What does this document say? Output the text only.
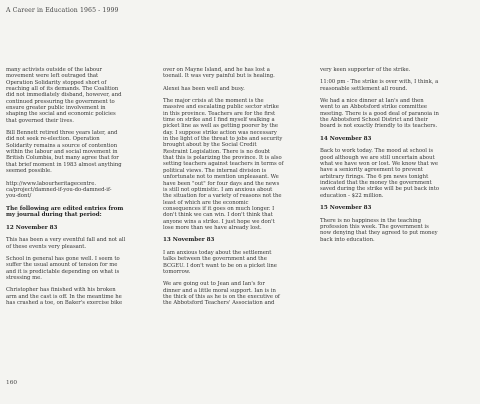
A Career in Education 1965 - 1999

many activists outside of the labour
movement were left outraged that
Operation Solidarity stopped short of
reaching all of its demands. The Coalition
did not immediately disband, however, and
continued pressuring the government to
ensure greater public involvement in
shaping the social and economic policies
that governed their lives.

Bill Bennett retired three years later, and
did not seek re-election. Operation
Solidarity remains a source of contention
within the labour and social movement in
British Columbia, but many agree that for
that brief moment in 1983 almost anything
seemed possible.

http://www.labourheritagecentre.
ca/project/damned-if-you-do-damned-if-
you-dont/

The following are edited entries from my journal during that period:
12 November 83

This has been a very eventful fall and not all
of these events very pleasant.

School in general has gone well. I seem to
suffer the usual amount of tension for me
and it is predictable depending on what is
stressing me.

Christopher has finished with his broken
arm and the cast is off. In the meantime he
has crashed a toe, on Baker's exercise bike

over on Mayne Island, and he has lost a
toenail. It was very painful but is healing.

Alexei has been well and busy.

The major crisis at the moment is the
massive and escalating public sector strike
in this province. Teachers are for the first
time on strike and I find myself walking a
picket line as well as getting poorer by the
day. I suppose strike action was necessary
in the light of the threat to jobs and security
brought about by the Social Credit
Restraint Legislation. There is no doubt
that this is polarizing the province. It is also
setting teachers against teachers in terms of
political views. The internal division is
unfortunate not to mention unpleasant. We
have been "out" for four days and the news
is still not optimistic. I am anxious about
the situation for a variety of reasons not the
least of which are the economic
consequences if it goes on much longer. I
don't think we can win. I don't think that
anyone wins a strike. I just hope we don't
lose more than we have already lost.

13 November 83

I am anxious today about the settlement
talks between the government and the
BCGEU. I don't want to be on a picket line
tomorrow.

We are going out to Jean and Ian's for
dinner and a little moral support. Ian is in
the thick of this as he is on the executive of
the Abbotsford Teachers' Association and

very keen supporter of the strike.

11:00 pm - The strike is over with, I think, a
reasonable settlement all round.

We had a nice dinner at Ian's and then
went to an Abbotsford strike committee
meeting. There is a good deal of paranoia in
the Abbotsford School District and their
board is not exactly friendly to its teachers.

14 November 83

Back to work today. The mood at school is
good although we are still uncertain about
what we have won or lost. We know that we
have a seniority agreement to prevent
arbitrary firings. The 6 pm news tonight
indicated that the money the government
saved during the strike will be put back into
education - $22 million.

15 November 83

There is no happiness in the teaching
profession this week. The government is
now denying that they agreed to put money
back into education.

160
